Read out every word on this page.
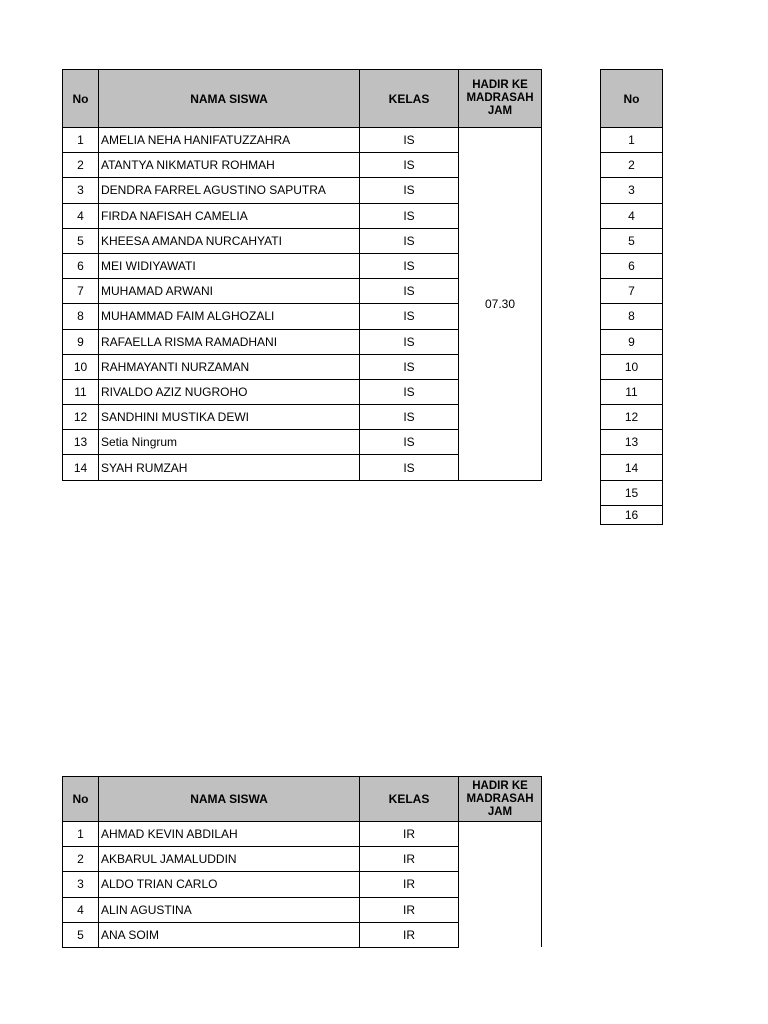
No	NAMA SISWA	KELAS	HADIR KE
MADRASAH
JAM

1	AMELIA NEHA HANIFATUZZAHRA	IS	07.30
2	ATANTYA NIKMATUR ROHMAH	IS	
3	DENDRA FARREL AGUSTINO SAPUTRA	IS	
4	FIRDA NAFISAH CAMELIA	IS	
5	KHEESA AMANDA NURCAHYATI	IS	
6	MEI WIDIYAWATI	IS	
7	MUHAMAD ARWANI	IS	
8	MUHAMMAD FAIM ALGHOZALI	IS	
9	RAFAELLA RISMA RAMADHANI	IS	
10	RAHMAYANTI NURZAMAN	IS	
11	RIVALDO AZIZ NUGROHO	IS	
12	SANDHINI MUSTIKA DEWI	IS	
13	Setia Ningrum	IS	
14	SYAH RUMZAH	IS	
No
1
2
3
4
5
6
7
8
9
10
11
12
13
14
15
16
No	NAMA SISWA	KELAS	HADIR KE
MADRASAH
JAM

1	AHMAD KEVIN ABDILAH	IR	
2	AKBARUL JAMALUDDIN	IR	
3	ALDO TRIAN CARLO	IR	
4	ALIN AGUSTINA	IR	
5	ANA SOIM	IR	
